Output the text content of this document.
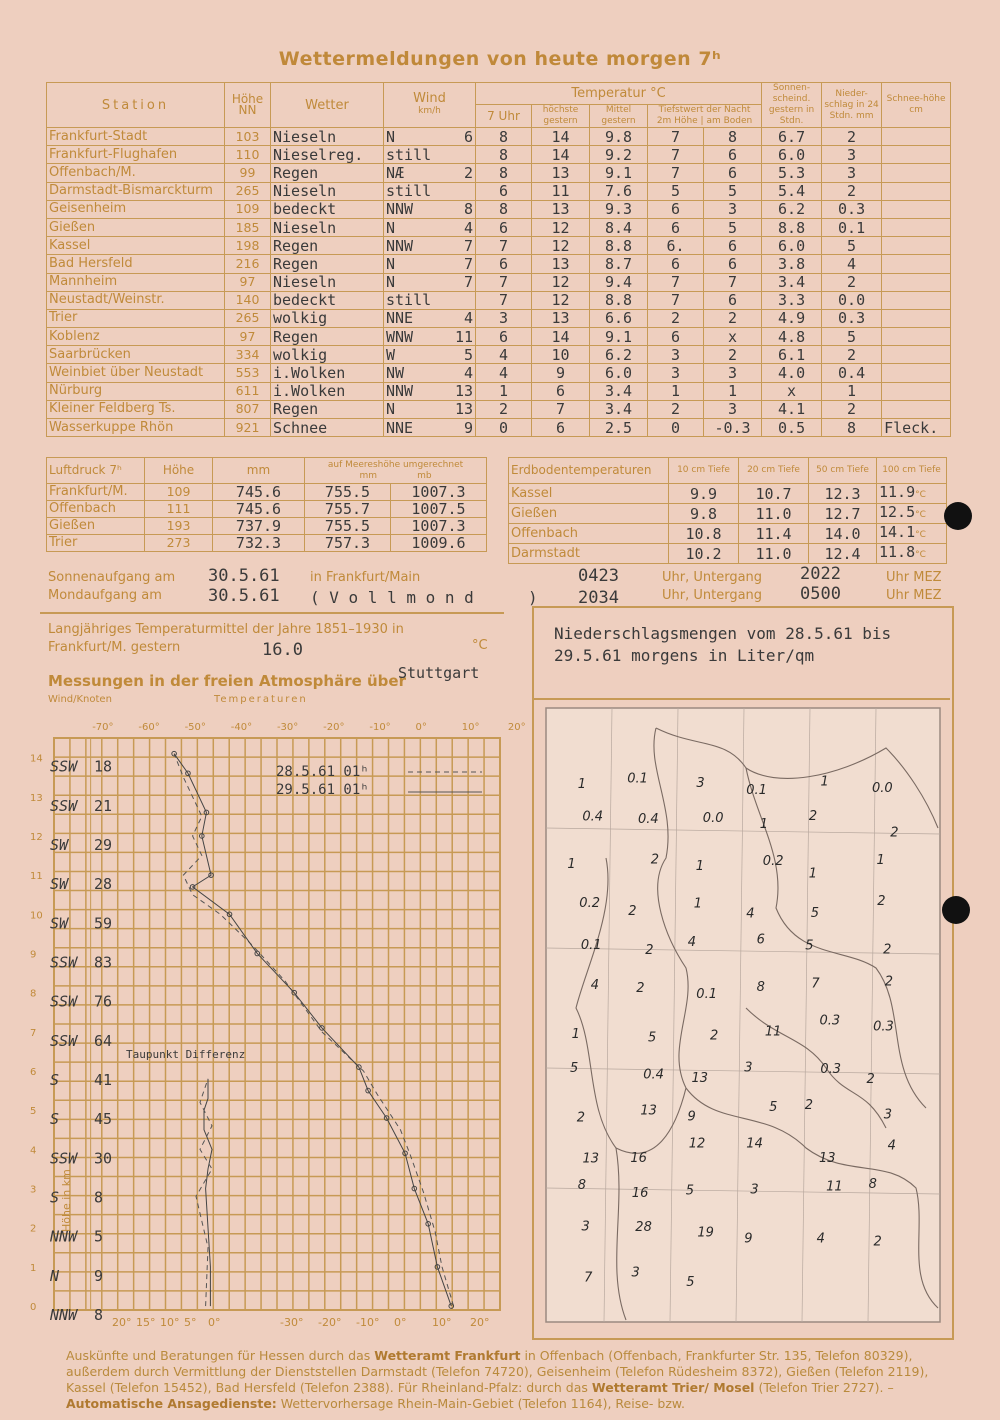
Wettermeldungen von heute morgen 7ʰ
Station	Höhe NN	Wetter	Wind
km/h	Temperatur °C					Sonnen-scheind. gestern in Stdn.	Nieder-schlag in 24 Stdn. mm	Schnee-höhe cm
				7 Uhr	höchste gestern	Mittel gestern	Tiefstwert der Nacht
2m Höhe | am Boden				
Frankfurt-Stadt	103	Nieseln	N 6	8	14	9.8	7	8	6.7	2	
Frankfurt-Flughafen	110	Nieselreg.	still	8	14	9.2	7	6	6.0	3	
Offenbach/M.	99	Regen	NÆ 2	8	13	9.1	7	6	5.3	3	
Darmstadt-Bismarckturm	265	Nieseln	still	6	11	7.6	5	5	5.4	2	
Geisenheim	109	bedeckt	NNW 8	8	13	9.3	6	3	6.2	0.3	
Gießen	185	Nieseln	N 4	6	12	8.4	6	5	8.8	0.1	
Kassel	198	Regen	NNW 7	7	12	8.8	6.	6	6.0	5	
Bad Hersfeld	216	Regen	N 7	6	13	8.7	6	6	3.8	4	
Mannheim	97	Nieseln	N 7	7	12	9.4	7	7	3.4	2	
Neustadt/Weinstr.	140	bedeckt	still	7	12	8.8	7	6	3.3	0.0	
Trier	265	wolkig	NNE 4	3	13	6.6	2	2	4.9	0.3	
Koblenz	97	Regen	WNW 11	6	14	9.1	6	x	4.8	5	
Saarbrücken	334	wolkig	W 5	4	10	6.2	3	2	6.1	2	
Weinbiet über Neustadt	553	i.Wolken	NW 4	4	9	6.0	3	3	4.0	0.4	
Nürburg	611	i.Wolken	NNW 13	1	6	3.4	1	1	x	1	
Kleiner Feldberg Ts.	807	Regen	N 13	2	7	3.4	2	3	4.1	2	
Wasserkuppe Rhön	921	Schnee	NNE 9	0	6	2.5	0	-0.3	0.5	8	Fleck.
Luftdruck 7ʰ	Höhe	mm	auf Meereshöhe umgerechnet
mm mb	

Frankfurt/M.	109	745.6	755.5	1007.3
Offenbach	111	745.6	755.7	1007.5
Gießen	193	737.9	755.5	1007.3
Trier	273	732.3	757.3	1009.6
Erdbodentemperaturen	10 cm Tiefe	20 cm Tiefe	50 cm Tiefe	100 cm Tiefe
Kassel	9.9	10.7	12.3	11.9°C
Gießen	9.8	11.0	12.7	12.5°C
Offenbach	10.8	11.4	14.0	14.1°C
Darmstadt	10.2	11.0	12.4	11.8°C
Sonnenaufgang am 30.5.61 in Frankfurt/Main	0423	Uhr, Untergang 2022	Uhr MEZ
Mondaufgang am	30.5.61 ( V o l l m o n d	) 2034	Uhr, Untergang 0500	Uhr MEZ
Langjähriges Temperaturmittel der Jahre 1851–1930 in
Frankfurt/M. gestern	16.0	°C
Messungen in der freien Atmosphäre über
Stuttgart
Wind/Knoten	Temperaturen
-70° -60° -50° -40° -30° -20° -10° 0°	10°	20°
14
13
12
11
10
9
8
7
6
5
4
3
2
1
0
20° 15° 10° 5° 0°	-30° -20° -10° 0° 10° 20°
SSW 18
SSW 21
SW 29
SW 28
SW 59
SSW 83
SSW 76
SSW 64
S 41
S 45
SSW 30
S 8
NNW 5
N 9
NNW 8
Höhe in km
Taupunkt Differenz
28.5.61 01ʰ
29.5.61 01ʰ
Niederschlagsmengen vom 28.5.61 bis
29.5.61 morgens in Liter/qm
1	0.1	3	0.1
1	0.0
0.4	0.4	0.0	1
2
2
1	2	1	0.2
1
1
0.2
2
1
4	5
2
0.1	2
4	6	5	2
4	2	0.1	8	7	2
1	5	2	11
0.3	0.3
5	0.4 13
3	0.3
2
2	13 9
5 2
3
13 16
12	14
13
4
8
16	5	3	11 8
3	28	19 9	4	2
7	3
5
Auskünfte und Beratungen für Hessen durch das Wetteramt Frankfurt in Offenbach (Offenbach, Frankfurter Str. 135, Telefon 80329), außerdem durch Vermittlung der Dienststellen Darmstadt (Telefon 74720), Geisenheim (Telefon Rüdesheim 8372), Gießen (Telefon 2119), Kassel (Telefon 15452), Bad Hersfeld (Telefon 2388). Für Rheinland-Pfalz: durch das Wetteramt Trier/ Mosel (Telefon Trier 2727). – Automatische Ansagedienste: Wettervorhersage Rhein-Main-Gebiet (Telefon 1164), Reise- bzw.
